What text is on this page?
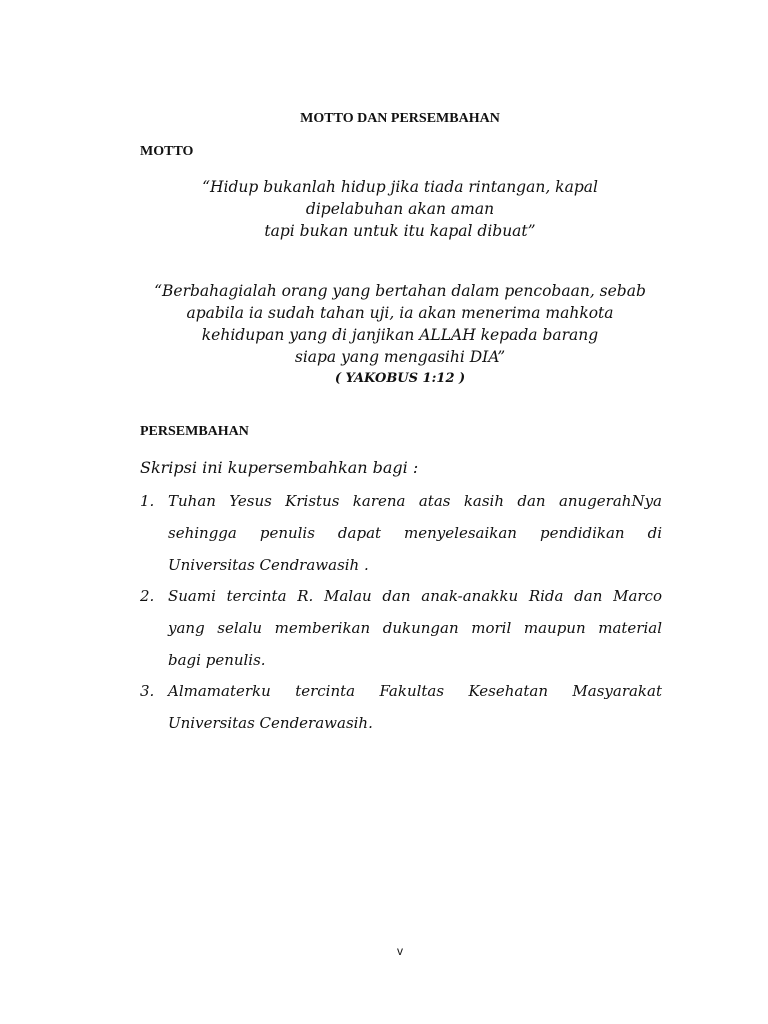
MOTTO DAN PERSEMBAHAN
MOTTO
“Hidup bukanlah hidup jika tiada rintangan, kapal
dipelabuhan akan aman
tapi bukan untuk itu kapal dibuat”
“Berbahagialah orang yang bertahan dalam pencobaan, sebab
apabila ia sudah tahan uji, ia akan menerima mahkota
kehidupan yang di janjikan ALLAH kepada barang
siapa yang mengasihi DIA”
( YAKOBUS 1:12 )
PERSEMBAHAN
Skripsi ini kupersembahkan bagi :
1. Tuhan Yesus Kristus karena atas kasih dan anugerahNya
sehingga penulis dapat menyelesaikan pendidikan di
Universitas Cendrawasih .
2. Suami tercinta R. Malau dan anak-anakku Rida dan Marco
yang selalu memberikan dukungan moril maupun material
bagi penulis.
3. Almamaterku tercinta Fakultas Kesehatan Masyarakat
Universitas Cenderawasih.
v
